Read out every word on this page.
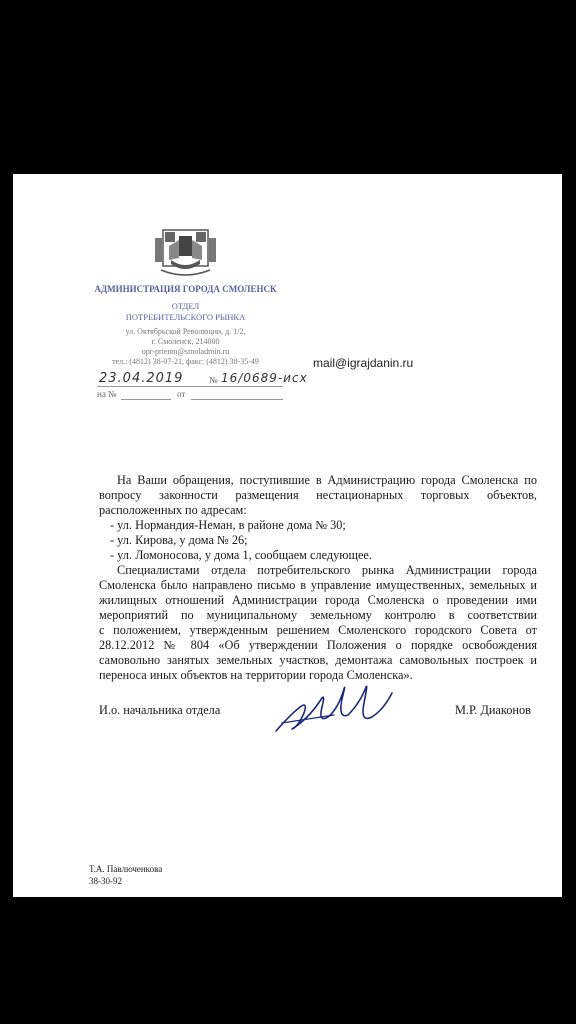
АДМИНИСТРАЦИЯ ГОРОДА СМОЛЕНСК
ОТДЕЛ
ПОТРЕБИТЕЛЬСКОГО РЫНКА
ул. Октябрьской Революции, д. 1/2,
г. Смоленск, 214000
opr-priemn@smoladmin.ru
тел.: (4812) 38-07-21, факс: (4812) 38-35-49
23.04.2019	№ 16/0689-исх
на №	от
mail@igrajdanin.ru
На Ваши обращения, поступившие в Администрацию города Смоленска по
вопросу законности размещения нестационарных торговых объектов,
расположенных по адресам:
- ул. Нормандия-Неман, в районе дома № 30;
- ул. Кирова, у дома № 26;
- ул. Ломоносова, у дома 1, сообщаем следующее.
Специалистами отдела потребительского рынка Администрации города
Смоленска было направлено письмо в управление имущественных, земельных и
жилищных отношений Администрации города Смоленска о проведении ими
мероприятий по муниципальному земельному контролю в соответствии
с положением, утвержденным решением Смоленского городского Совета от
28.12.2012 № 804 «Об утверждении Положения о порядке освобождения
самовольно занятых земельных участков, демонтажа самовольных построек и
переноса иных объектов на территории города Смоленска».
И.о. начальника отдела	М.Р. Диаконов
Т.А. Павлюченкова
38-30-92
